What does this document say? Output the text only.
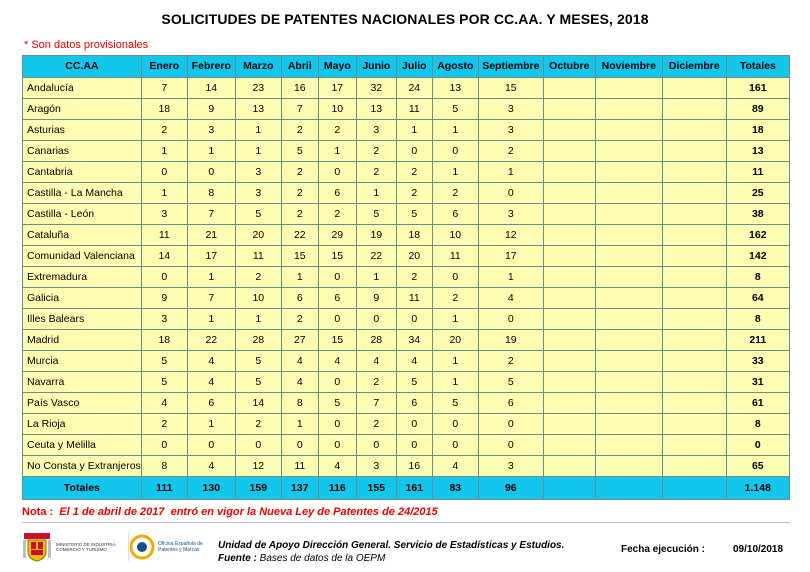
SOLICITUDES DE PATENTES NACIONALES POR CC.AA. Y MESES, 2018
* Son datos provisionales
CC.AA	Enero	Febrero	Marzo	Abril	Mayo	Junio	Julio	Agosto	Septiembre	Octubre	Noviembre	Diciembre	Totales
Andalucía	7	14	23	16	17	32	24	13	15				161
Aragón	18	9	13	7	10	13	11	5	3				89
Asturias	2	3	1	2	2	3	1	1	3				18
Canarias	1	1	1	5	1	2	0	0	2				13
Cantabria	0	0	3	2	0	2	2	1	1				11
Castilla - La Mancha	1	8	3	2	6	1	2	2	0				25
Castilla - León	3	7	5	2	2	5	5	6	3				38
Cataluña	11	21	20	22	29	19	18	10	12				162
Comunidad Valenciana	14	17	11	15	15	22	20	11	17				142
Extremadura	0	1	2	1	0	1	2	0	1				8
Galicia	9	7	10	6	6	9	11	2	4				64
Illes Balears	3	1	1	2	0	0	0	1	0				8
Madrid	18	22	28	27	15	28	34	20	19				211
Murcia	5	4	5	4	4	4	4	1	2				33
Navarra	5	4	5	4	0	2	5	1	5				31
País Vasco	4	6	14	8	5	7	6	5	6				61
La Rioja	2	1	2	1	0	2	0	0	0				8
Ceuta y Melilla	0	0	0	0	0	0	0	0	0				0
No Consta y Extranjeros	8	4	12	11	4	3	16	4	3				65
Totales	111	130	159	137	116	155	161	83	96				1.148
Nota :  El 1 de abril de 2017  entró en vigor la Nueva Ley de Patentes de 24/2015
MINISTERIO DE INDUSTRIA, COMERCIO Y TURISMO
Oficina Española de Patentes y Marcas	Unidad de Apoyo Dirección General. Servicio de Estadísticas y Estudios.
Fuente : Bases de datos de la OEPM
Fecha ejecución :	09/10/2018
